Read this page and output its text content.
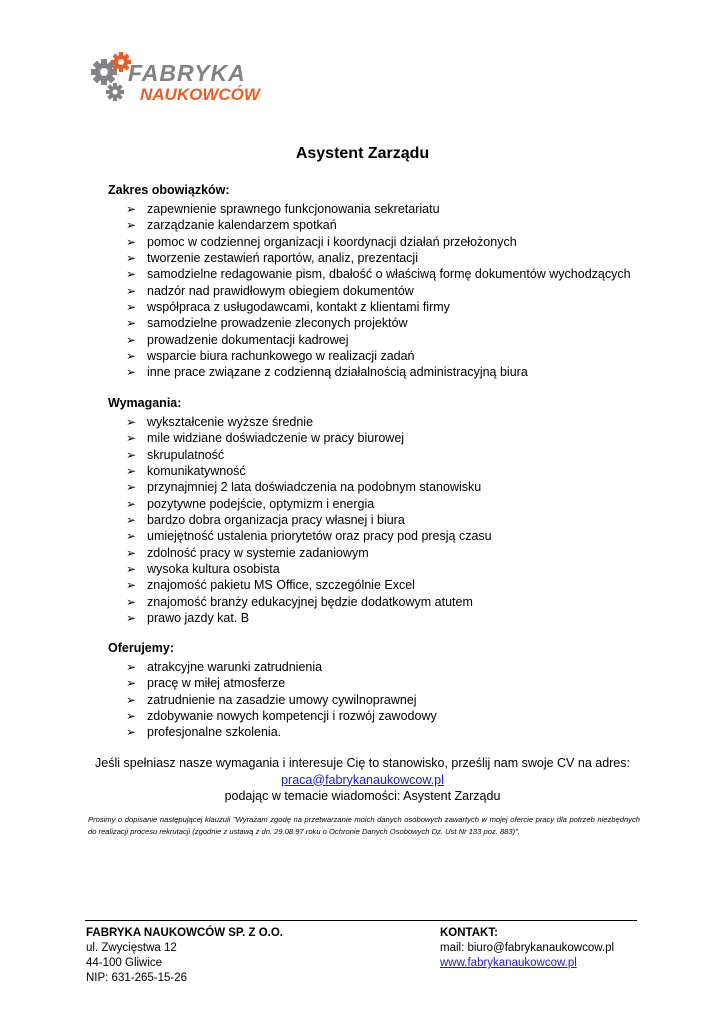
FABRYKA
NAUKOWCÓW
Asystent Zarządu
Zakres obowiązków:
➢ zapewnienie sprawnego funkcjonowania sekretariatu
➢ zarządzanie kalendarzem spotkań
➢ pomoc w codziennej organizacji i koordynacji działań przełożonych
➢ tworzenie zestawień raportów, analiz, prezentacji
➢ samodzielne redagowanie pism, dbałość o właściwą formę dokumentów wychodzących
➢ nadzór nad prawidłowym obiegiem dokumentów
➢ współpraca z usługodawcami, kontakt z klientami firmy
➢ samodzielne prowadzenie zleconych projektów
➢ prowadzenie dokumentacji kadrowej
➢ wsparcie biura rachunkowego w realizacji zadań
➢ inne prace związane z codzienną działalnością administracyjną biura
Wymagania:
➢ wykształcenie wyższe średnie
➢ mile widziane doświadczenie w pracy biurowej
➢ skrupulatność
➢ komunikatywność
➢ przynajmniej 2 lata doświadczenia na podobnym stanowisku
➢ pozytywne podejście, optymizm i energia
➢ bardzo dobra organizacja pracy własnej i biura
➢ umiejętność ustalenia priorytetów oraz pracy pod presją czasu
➢ zdolność pracy w systemie zadaniowym
➢ wysoka kultura osobista
➢ znajomość pakietu MS Office, szczególnie Excel
➢ znajomość branży edukacyjnej będzie dodatkowym atutem
➢ prawo jazdy kat. B
Oferujemy:
➢ atrakcyjne warunki zatrudnienia
➢ pracę w miłej atmosferze
➢ zatrudnienie na zasadzie umowy cywilnoprawnej
➢ zdobywanie nowych kompetencji i rozwój zawodowy
➢ profesjonalne szkolenia.
Jeśli spełniasz nasze wymagania i interesuje Cię to stanowisko, prześlij nam swoje CV na adres:
praca@fabrykanaukowcow.pl
podając w temacie wiadomości: Asystent Zarządu
Prosimy o dopisanie następującej klauzuli "Wyrażam zgodę na przetwarzanie moich danych osobowych zawartych w mojej ofercie pracy dla potrzeb niezbędnych do realizacji procesu rekrutacji (zgodnie z ustawą z dn. 29.08.97 roku o Ochronie Danych Osobowych Dz. Ust Nr 133 poz. 883)".
FABRYKA NAUKOWCÓW SP. Z O.O.
ul. Zwycięstwa 12
44-100 Gliwice
NIP: 631-265-15-26
KONTAKT:
mail: biuro@fabrykanaukowcow.pl
www.fabrykanaukowcow.pl
